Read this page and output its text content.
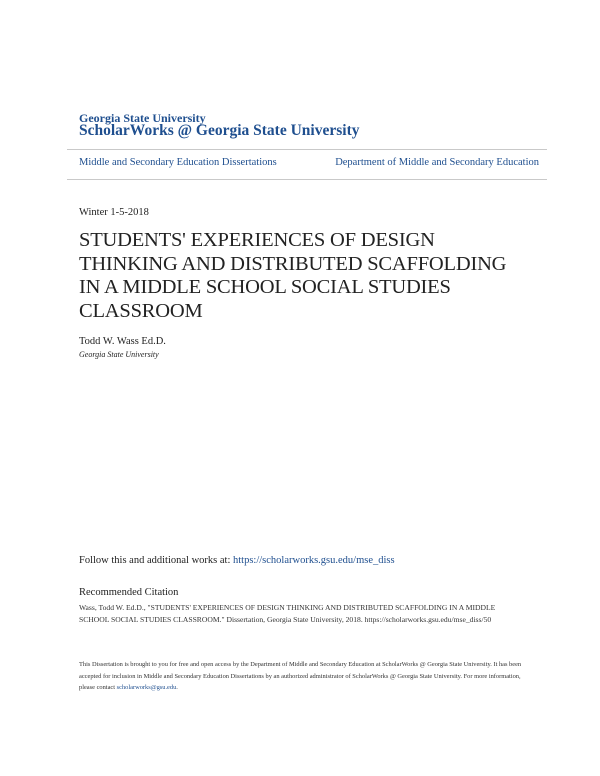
Georgia State University
ScholarWorks @ Georgia State University
Middle and Secondary Education Dissertations	Department of Middle and Secondary Education
Winter 1-5-2018
STUDENTS' EXPERIENCES OF DESIGN THINKING AND DISTRIBUTED SCAFFOLDING IN A MIDDLE SCHOOL SOCIAL STUDIES CLASSROOM
Todd W. Wass Ed.D.
Georgia State University
Follow this and additional works at: https://scholarworks.gsu.edu/mse_diss
Recommended Citation
Wass, Todd W. Ed.D., "STUDENTS' EXPERIENCES OF DESIGN THINKING AND DISTRIBUTED SCAFFOLDING IN A MIDDLE SCHOOL SOCIAL STUDIES CLASSROOM." Dissertation, Georgia State University, 2018. https://scholarworks.gsu.edu/mse_diss/50
This Dissertation is brought to you for free and open access by the Department of Middle and Secondary Education at ScholarWorks @ Georgia State University. It has been accepted for inclusion in Middle and Secondary Education Dissertations by an authorized administrator of ScholarWorks @ Georgia State University. For more information, please contact scholarworks@gsu.edu.
